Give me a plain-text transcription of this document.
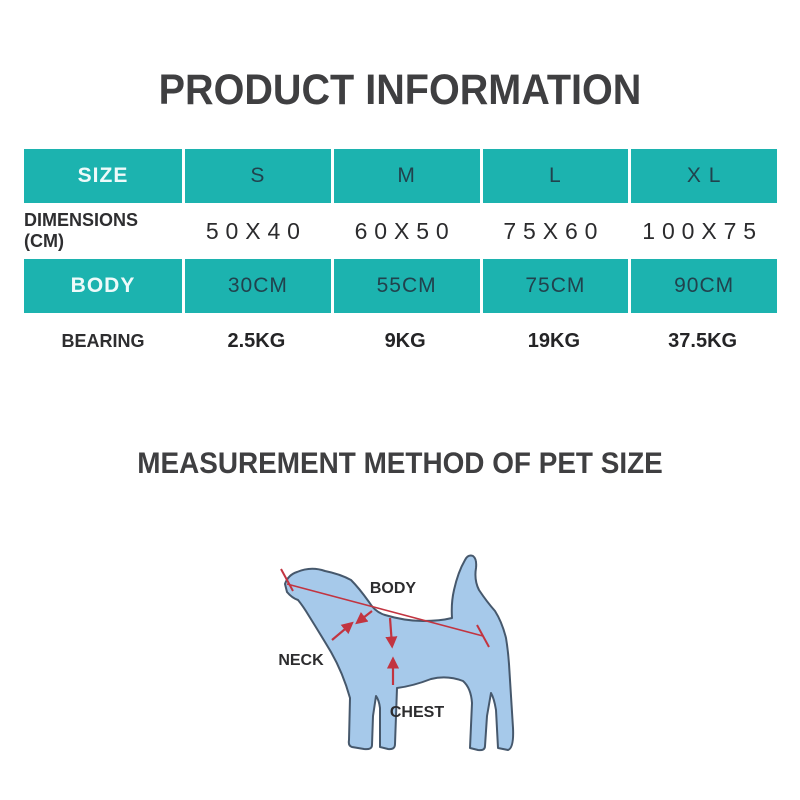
PRODUCT INFORMATION
SIZE	S	M	L	X L
DIMENSIONS (CM)	50X40	60X50	75X60	100X75
BODY	30CM	55CM	75CM	90CM
BEARING	2.5KG	9KG	19KG	37.5KG
MEASUREMENT METHOD OF PET SIZE
BODY
NECK
CHEST
